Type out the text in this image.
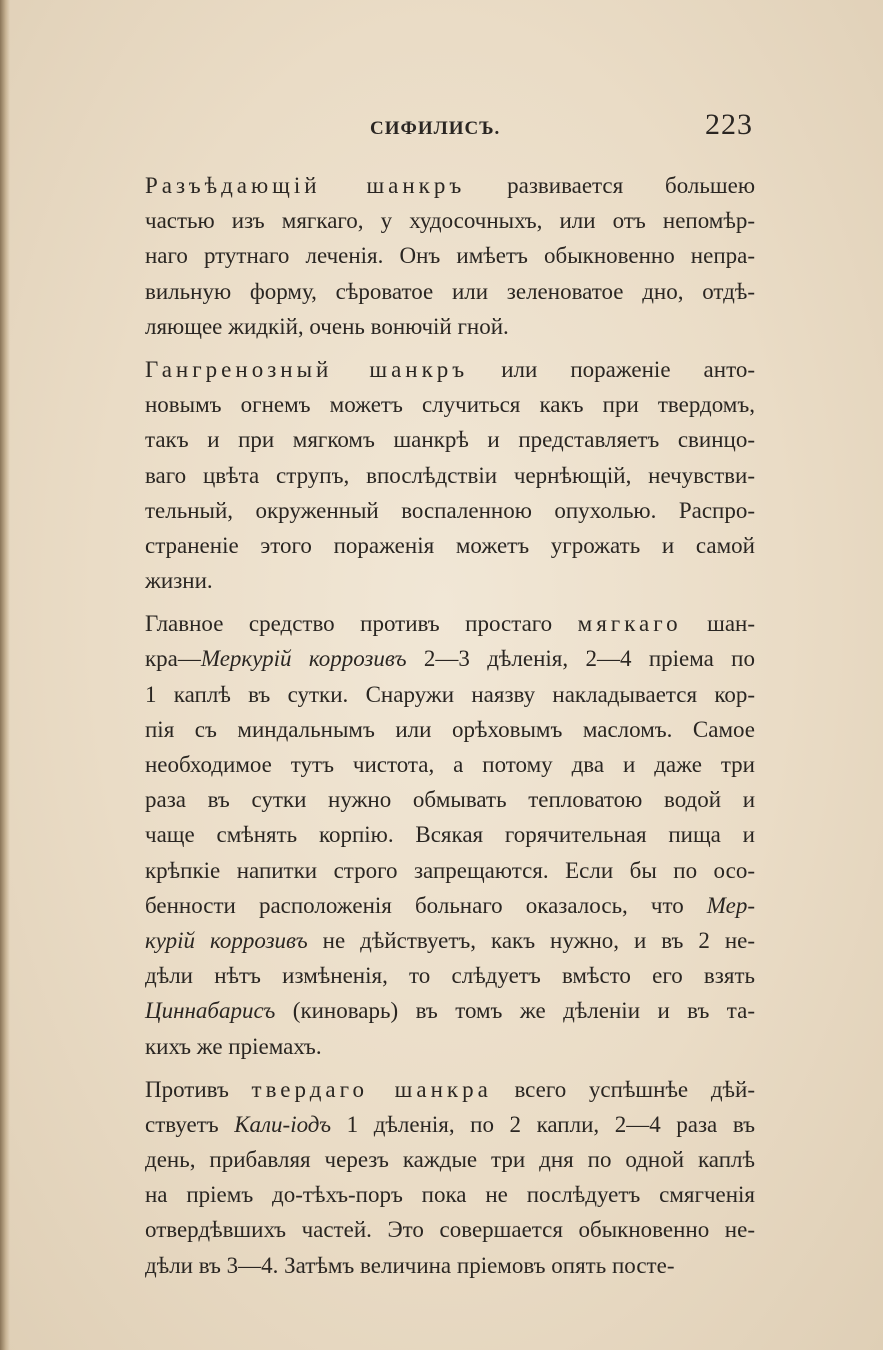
СИФИЛИСЪ.	223
Разъѣдающій шанкръ развивается большею
частью изъ мягкаго, у худосочныхъ, или отъ непомѣр-
наго ртутнаго леченія. Онъ имѣетъ обыкновенно непра-
вильную форму, сѣроватое или зеленоватое дно, отдѣ-
ляющее жидкій, очень вонючій гной.
Гангренозный шанкръ или пораженіе анто-
новымъ огнемъ можетъ случиться какъ при твердомъ,
такъ и при мягкомъ шанкрѣ и представляетъ свинцо-
ваго цвѣта струпъ, впослѣдствіи чернѣющій, нечувстви-
тельный, окруженный воспаленною опухолью. Распро-
страненіе этого пораженія можетъ угрожать и самой
жизни.
Главное средство противъ простаго мягкаго шан-
кра—Меркурій коррозивъ 2—3 дѣленія, 2—4 пріема по
1 каплѣ въ сутки. Снаружи наязву накладывается кор-
пія съ миндальнымъ или орѣховымъ масломъ. Самое
необходимое тутъ чистота, а потому два и даже три
раза въ сутки нужно обмывать тепловатою водой и
чаще смѣнять корпію. Всякая горячительная пища и
крѣпкіе напитки строго запрещаются. Если бы по осо-
бенности расположенія больнаго оказалось, что Мер-
курій коррозивъ не дѣйствуетъ, какъ нужно, и въ 2 не-
дѣли нѣтъ измѣненія, то слѣдуетъ вмѣсто его взять
Циннабарисъ (киноварь) въ томъ же дѣленіи и въ та-
кихъ же пріемахъ.
Противъ твердаго шанкра всего успѣшнѣе дѣй-
ствуетъ Кали-іодъ 1 дѣленія, по 2 капли, 2—4 раза въ
день, прибавляя черезъ каждые три дня по одной каплѣ
на пріемъ до-тѣхъ-поръ пока не послѣдуетъ смягченія
отвердѣвшихъ частей. Это совершается обыкновенно не-
дѣли въ 3—4. Затѣмъ величина пріемовъ опять посте-
